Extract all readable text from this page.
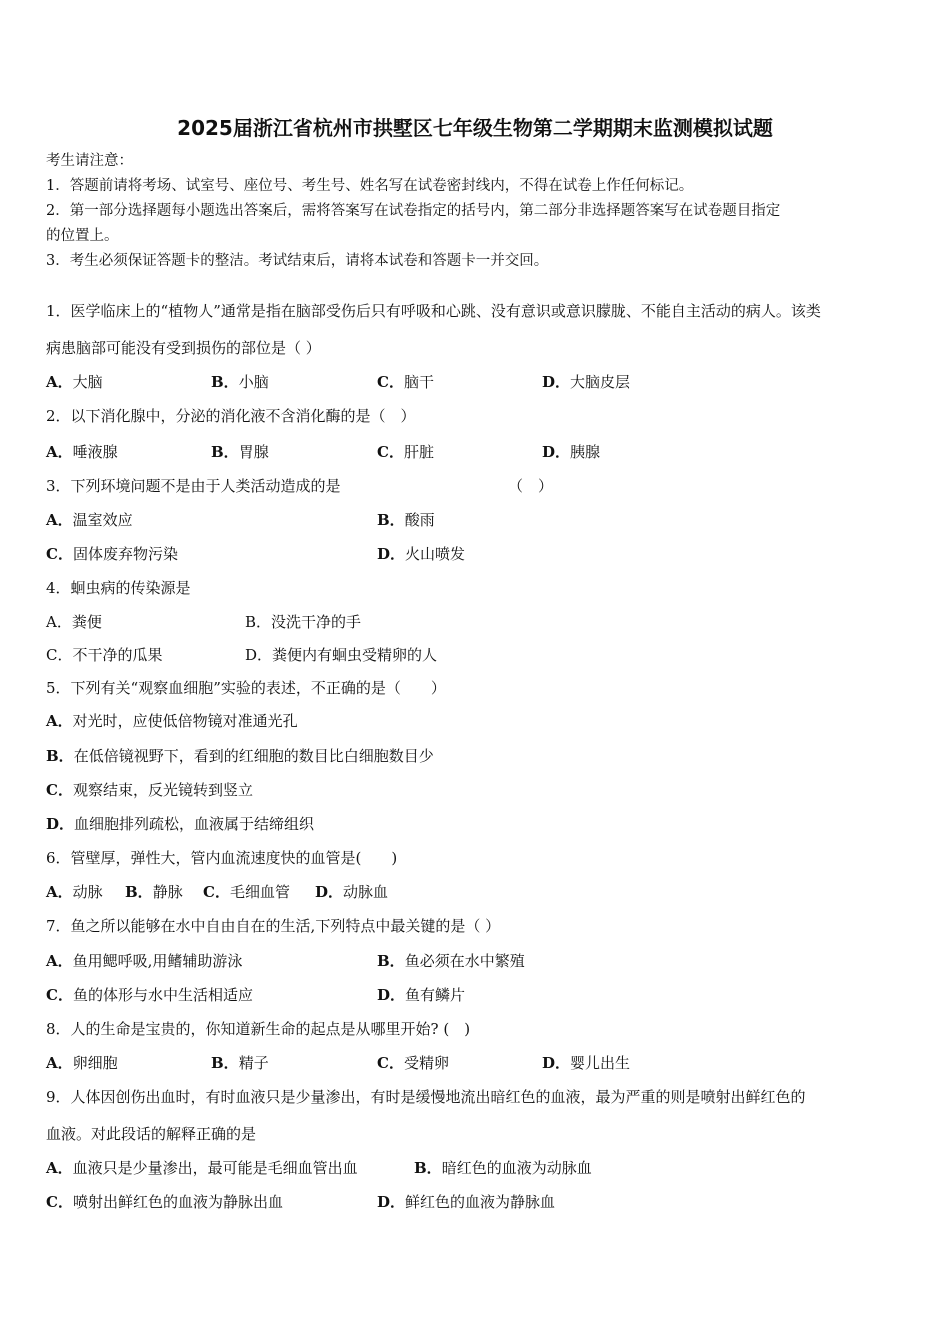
2025届浙江省杭州市拱墅区七年级生物第二学期期末监测模拟试题
考生请注意：
1．答题前请将考场、试室号、座位号、考生号、姓名写在试卷密封线内，不得在试卷上作任何标记。
2．第一部分选择题每小题选出答案后，需将答案写在试卷指定的括号内，第二部分非选择题答案写在试卷题目指定
的位置上。
3．考生必须保证答题卡的整洁。考试结束后，请将本试卷和答题卡一并交回。
1．医学临床上的“植物人”通常是指在脑部受伤后只有呼吸和心跳、没有意识或意识朦胧、不能自主活动的病人。该类
病患脑部可能没有受到损伤的部位是（ ）
A．大脑	B．小脑	C．脑干	D．大脑皮层
2．以下消化腺中，分泌的消化液不含消化酶的是（　）
A．唾液腺	B．胃腺	C．肝脏	D．胰腺
3．下列环境问题不是由于人类活动造成的是	（　）
A．温室效应	B．酸雨
C．固体废弃物污染	D．火山喷发
4．蛔虫病的传染源是
A．粪便	B．没洗干净的手
C．不干净的瓜果	D．粪便内有蛔虫受精卵的人
5．下列有关“观察血细胞”实验的表述，不正确的是（　　）
A．对光时，应使低倍物镜对准通光孔
B．在低倍镜视野下，看到的红细胞的数目比白细胞数目少
C．观察结束，反光镜转到竖立
D．血细胞排列疏松，血液属于结缔组织
6．管壁厚，弹性大，管内血流速度快的血管是(　　)
A．动脉 B．静脉 C．毛细血管 D．动脉血
7．鱼之所以能够在水中自由自在的生活,下列特点中最关键的是（ ）
A．鱼用鳃呼吸,用鳍辅助游泳	B．鱼必须在水中繁殖
C．鱼的体形与水中生活相适应	D．鱼有鳞片
8．人的生命是宝贵的，你知道新生命的起点是从哪里开始? (　)
A．卵细胞	B．精子	C．受精卵	D．婴儿出生
9．人体因创伤出血时，有时血液只是少量渗出，有时是缓慢地流出暗红色的血液，最为严重的则是喷射出鲜红色的
血液。对此段话的解释正确的是
A．血液只是少量渗出，最可能是毛细血管出血	B．暗红色的血液为动脉血
C．喷射出鲜红色的血液为静脉出血	D．鲜红色的血液为静脉血
